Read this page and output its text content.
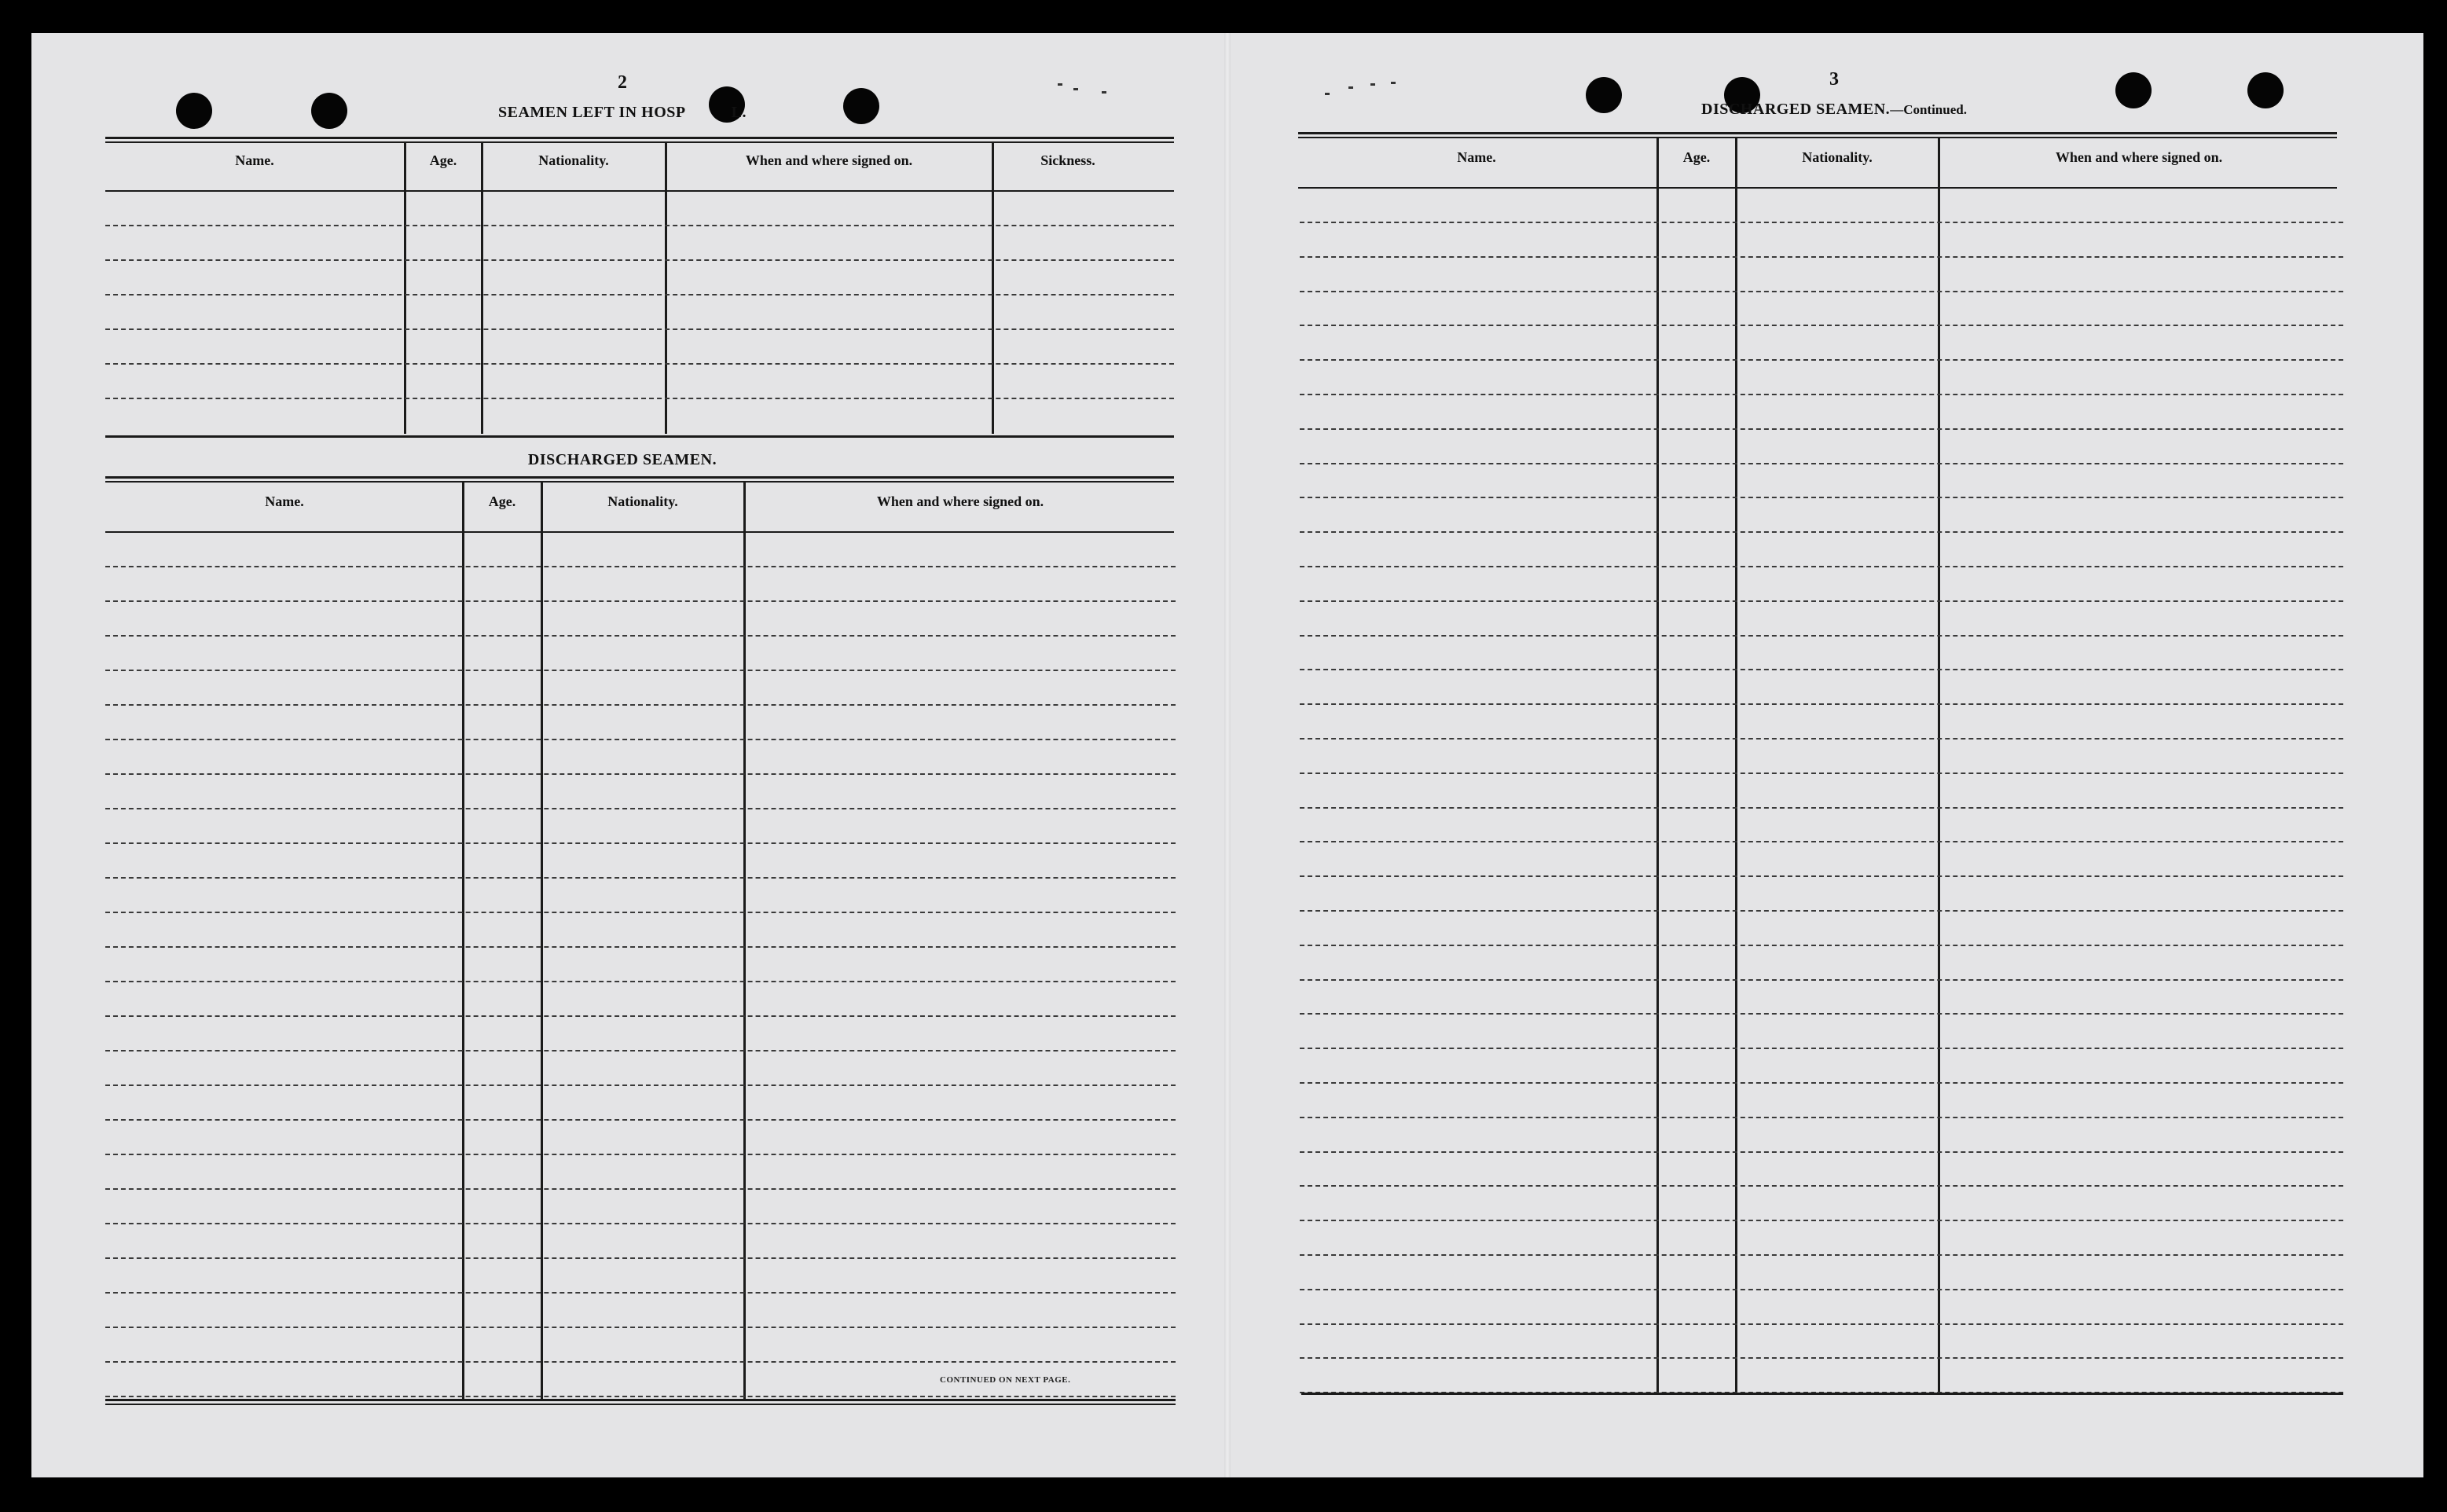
2
SEAMEN LEFT IN HOSP	L.
Name.	Age.	Nationality.	When and where signed on.	Sickness.
DISCHARGED SEAMEN.
Name.	Age.	Nationality.	When and where signed on.
CONTINUED ON NEXT PAGE.
3
DISCHARGED SEAMEN.—Continued.
Name.	Age.	Nationality.	When and where signed on.
